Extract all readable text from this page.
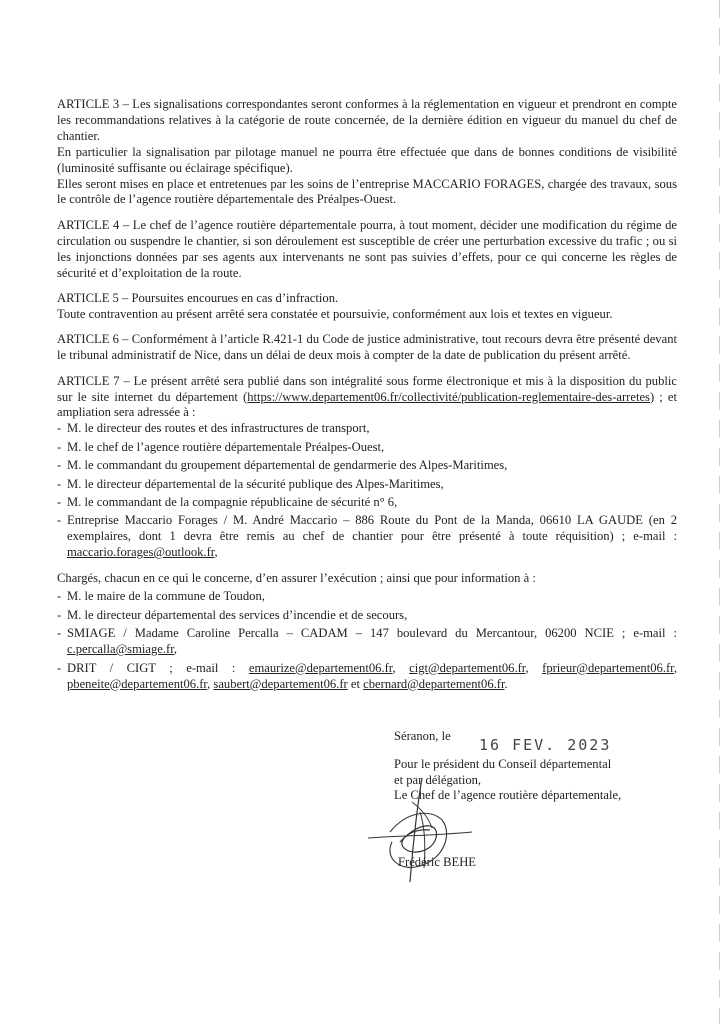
ARTICLE 3 – Les signalisations correspondantes seront conformes à la réglementation en vigueur et prendront en compte les recommandations relatives à la catégorie de route concernée, de la dernière édition en vigueur du manuel du chef de chantier.

En particulier la signalisation par pilotage manuel ne pourra être effectuée que dans de bonnes conditions de visibilité (luminosité suffisante ou éclairage spécifique).

Elles seront mises en place et entretenues par les soins de l’entreprise MACCARIO FORAGES, chargée des travaux, sous le contrôle de l’agence routière départementale des Préalpes-Ouest.

ARTICLE 4 – Le chef de l’agence routière départementale pourra, à tout moment, décider une modification du régime de circulation ou suspendre le chantier, si son déroulement est susceptible de créer une perturbation excessive du trafic ; ou si les injonctions données par ses agents aux intervenants ne sont pas suivies d’effets, pour ce qui concerne les règles de sécurité et d’exploitation de la route.

ARTICLE 5 – Poursuites encourues en cas d’infraction.

Toute contravention au présent arrêté sera constatée et poursuivie, conformément aux lois et textes en vigueur.

ARTICLE 6 – Conformément à l’article R.421-1 du Code de justice administrative, tout recours devra être présenté devant le tribunal administratif de Nice, dans un délai de deux mois à compter de la date de publication du présent arrêté.

ARTICLE 7 – Le présent arrêté sera publié dans son intégralité sous forme électronique et mis à la disposition du public sur le site internet du département (https://www.departement06.fr/collectivité/publication-reglementaire-des-arretes) ; et ampliation sera adressée à :

- M. le directeur des routes et des infrastructures de transport,
- M. le chef de l’agence routière départementale Préalpes-Ouest,
- M. le commandant du groupement départemental de gendarmerie des Alpes-Maritimes,
- M. le directeur départemental de la sécurité publique des Alpes-Maritimes,
- M. le commandant de la compagnie républicaine de sécurité n° 6,
- Entreprise Maccario Forages / M. André Maccario – 886 Route du Pont de la Manda, 06610 LA GAUDE (en 2 exemplaires, dont 1 devra être remis au chef de chantier pour être présenté à toute réquisition) ; e-mail : maccario.forages@outlook.fr,

Chargés, chacun en ce qui le concerne, d’en assurer l’exécution ; ainsi que pour information à :

- M. le maire de la commune de Toudon,
- M. le directeur départemental des services d’incendie et de secours,
- SMIAGE / Madame Caroline Percalla – CADAM – 147 boulevard du Mercantour, 06200 NCIE ; e-mail : c.percalla@smiage.fr,
- DRIT / CIGT ; e-mail : emaurize@departement06.fr, cigt@departement06.fr, fprieur@departement06.fr, pbeneite@departement06.fr, saubert@departement06.fr et cbernard@departement06.fr.
Séranon, le 16 FEV. 2023
Pour le président du Conseil départemental
et par délégation,
Le Chef de l’agence routière départementale,
Frédéric BEHE
